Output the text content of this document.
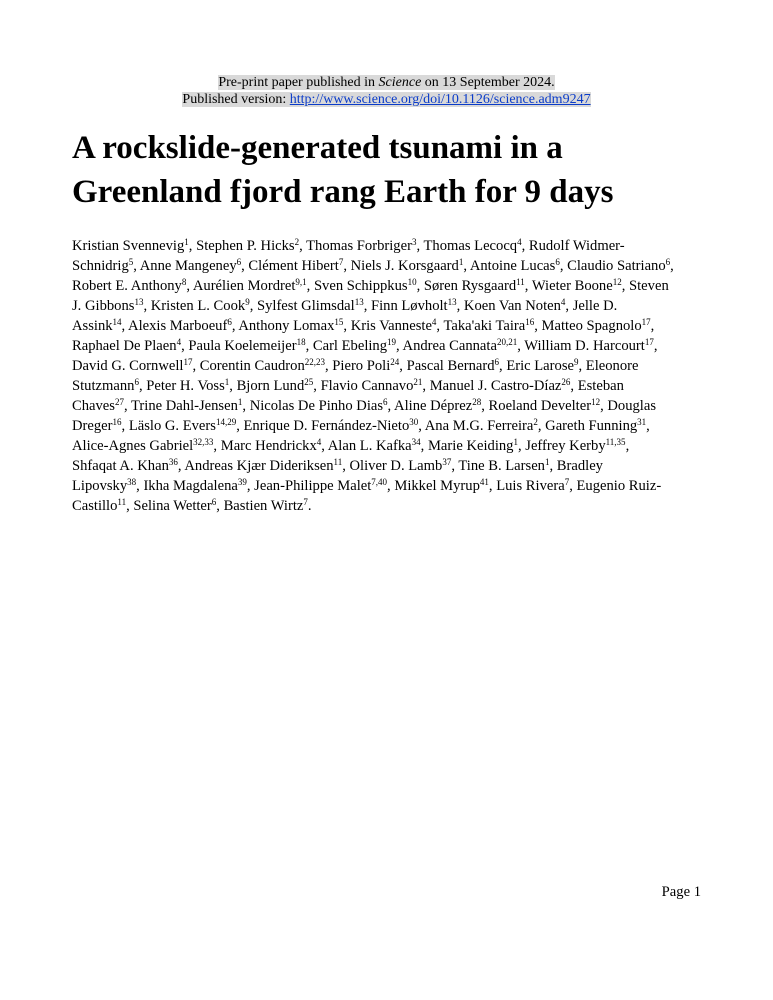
Pre-print paper published in Science on 13 September 2024.
Published version: http://www.science.org/doi/10.1126/science.adm9247
A rockslide-generated tsunami in a
Greenland fjord rang Earth for 9 days
Kristian Svennevig$^1$, Stephen P. Hicks$^2$, Thomas Forbriger$^3$, Thomas Lecocq$^4$, Rudolf Widmer-
Schnidrig$^5$, Anne Mangeney$^6$, Clément Hibert$^7$, Niels J. Korsgaard$^1$, Antoine Lucas$^6$, Claudio Satriano$^6$,
Robert E. Anthony$^8$, Aurélien Mordret$^{9,1}$, Sven Schippkus$^{10}$, Søren Rysgaard$^{11}$, Wieter Boone$^{12}$, Steven
J. Gibbons$^{13}$, Kristen L. Cook$^9$, Sylfest Glimsdal$^{13}$, Finn Løvholt$^{13}$, Koen Van Noten$^4$, Jelle D.
Assink$^{14}$, Alexis Marboeuf$^6$, Anthony Lomax$^{15}$, Kris Vanneste$^4$, Taka'aki Taira$^{16}$, Matteo Spagnolo$^{17}$,
Raphael De Plaen$^4$, Paula Koelemeijer$^{18}$, Carl Ebeling$^{19}$, Andrea Cannata$^{20,21}$, William D. Harcourt$^{17}$,
David G. Cornwell$^{17}$, Corentin Caudron$^{22,23}$, Piero Poli$^{24}$, Pascal Bernard$^6$, Eric Larose$^9$, Eleonore
Stutzmann$^6$, Peter H. Voss$^1$, Bjorn Lund$^{25}$, Flavio Cannavo$^{21}$, Manuel J. Castro-Díaz$^{26}$, Esteban
Chaves$^{27}$, Trine Dahl-Jensen$^1$, Nicolas De Pinho Dias$^6$, Aline Déprez$^{28}$, Roeland Develter$^{12}$, Douglas
Dreger$^{16}$, Läslo G. Evers$^{14,29}$, Enrique D. Fernández-Nieto$^{30}$, Ana M.G. Ferreira$^2$, Gareth Funning$^{31}$,
Alice-Agnes Gabriel$^{32,33}$, Marc Hendrickx$^4$, Alan L. Kafka$^{34}$, Marie Keiding$^1$, Jeffrey Kerby$^{11,35}$,
Shfaqat A. Khan$^{36}$, Andreas Kjær Dideriksen$^{11}$, Oliver D. Lamb$^{37}$, Tine B. Larsen$^1$, Bradley
Lipovsky$^{38}$, Ikha Magdalena$^{39}$, Jean-Philippe Malet$^{7,40}$, Mikkel Myrup$^{41}$, Luis Rivera$^7$, Eugenio Ruiz-
Castillo$^{11}$, Selina Wetter$^6$, Bastien Wirtz$^7$.
Page 1
